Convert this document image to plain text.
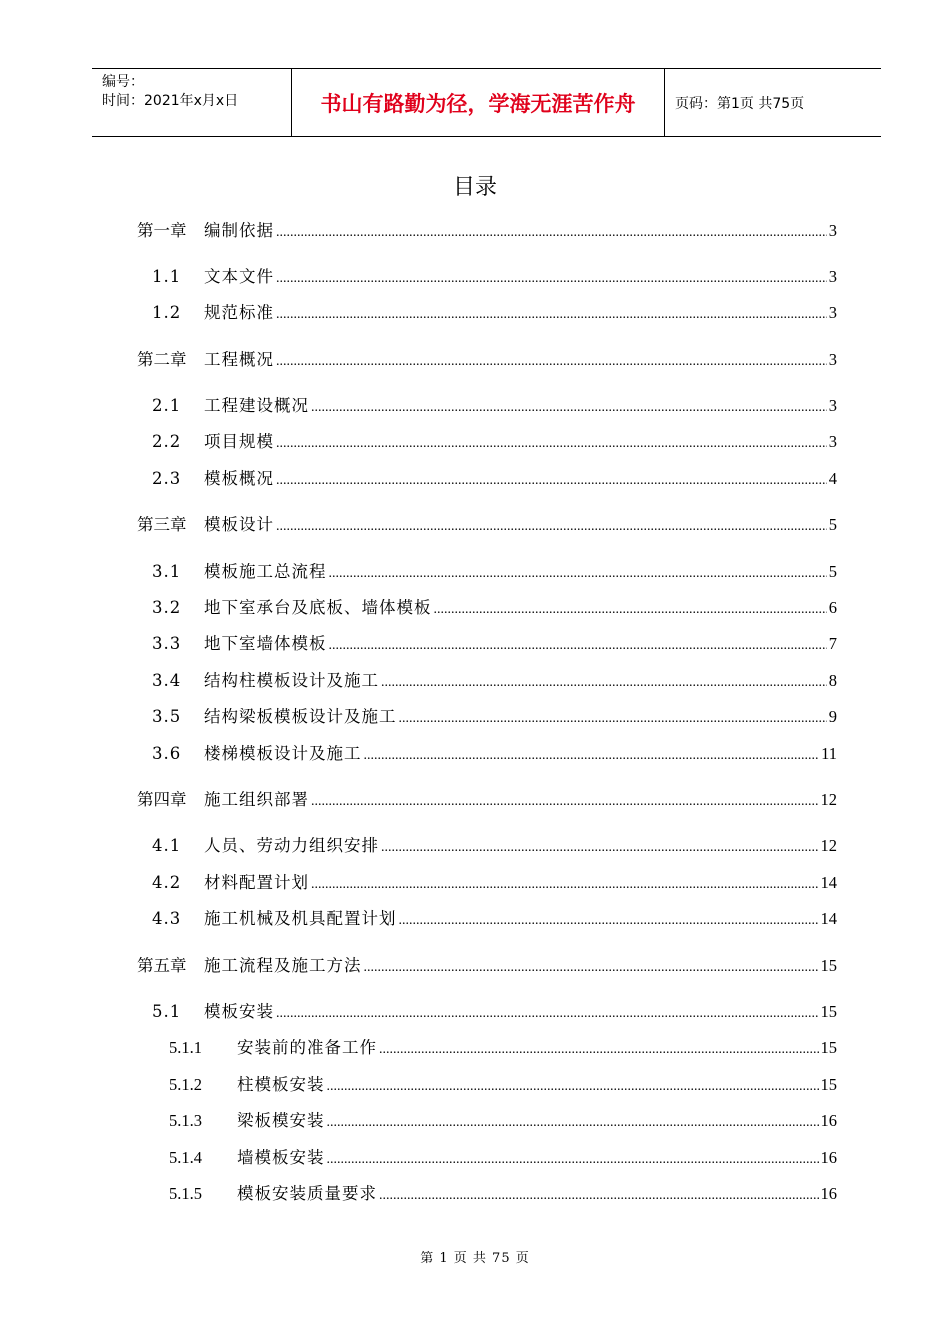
编号：
时间：2021年x月x日	书山有路勤为径，学海无涯苦作舟	页码：第1页 共75页
目录
第一章	编制依据 .....	3
1.1	文本文件 .....	3
1.2	规范标准 .....	3
第二章	工程概况 .....	3
2.1	工程建设概况 .....	3
2.2	项目规模 .....	3
2.3	模板概况 .....	4
第三章	模板设计 .....	5
3.1	模板施工总流程 .....	5
3.2	地下室承台及底板、墙体模板 .....	6
3.3	地下室墙体模板 .....	7
3.4	结构柱模板设计及施工 .....	8
3.5	结构梁板模板设计及施工 .....	9
3.6	楼梯模板设计及施工 .....	11
第四章	施工组织部署 .....	12
4.1	人员、劳动力组织安排 .....	12
4.2	材料配置计划 .....	14
4.3	施工机械及机具配置计划 .....	14
第五章	施工流程及施工方法 .....	15
5.1	模板安装 .....	15
5.1.1	安装前的准备工作 .....	15
5.1.2	柱模板安装 .....	15
5.1.3	梁板模安装 .....	16
5.1.4	墙模板安装 .....	16
5.1.5	模板安装质量要求 .....	16
第 1 页 共 75 页
